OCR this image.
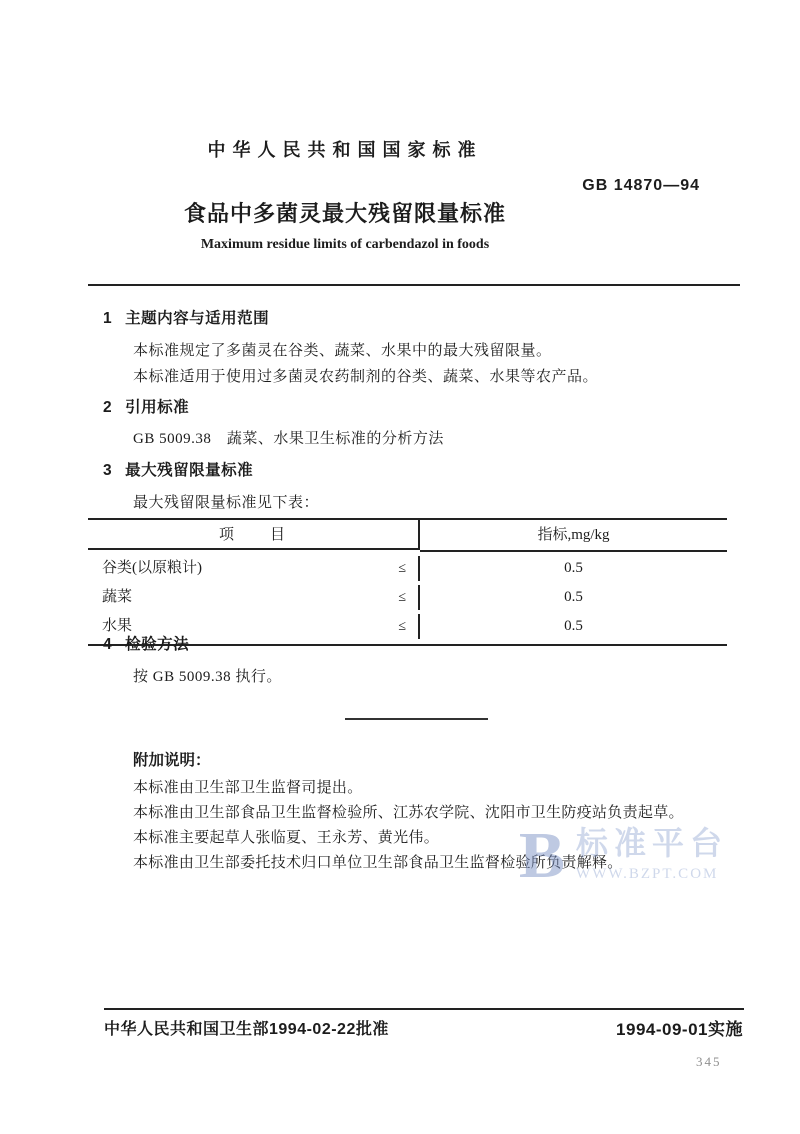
中华人民共和国国家标准
GB 14870—94
食品中多菌灵最大残留限量标准
Maximum residue limits of carbendazol in foods
1 主题内容与适用范围
本标准规定了多菌灵在谷类、蔬菜、水果中的最大残留限量。
本标准适用于使用过多菌灵农药制剂的谷类、蔬菜、水果等农产品。
2 引用标准
GB 5009.38　蔬菜、水果卫生标准的分析方法
3 最大残留限量标准
最大残留限量标准见下表：
项　　目	指标,mg/kg
谷类(以原粮计)	≤	0.5
蔬菜	≤	0.5
水果	≤	0.5
4 检验方法
按 GB 5009.38 执行。
附加说明：
本标准由卫生部卫生监督司提出。
本标准由卫生部食品卫生监督检验所、江苏农学院、沈阳市卫生防疫站负责起草。
本标准主要起草人张临夏、王永芳、黄光伟。
本标准由卫生部委托技术归口单位卫生部食品卫生监督检验所负责解释。
B 标准平台
WWW.BZPT.COM
中华人民共和国卫生部1994-02-22批准	1994-09-01实施
345
